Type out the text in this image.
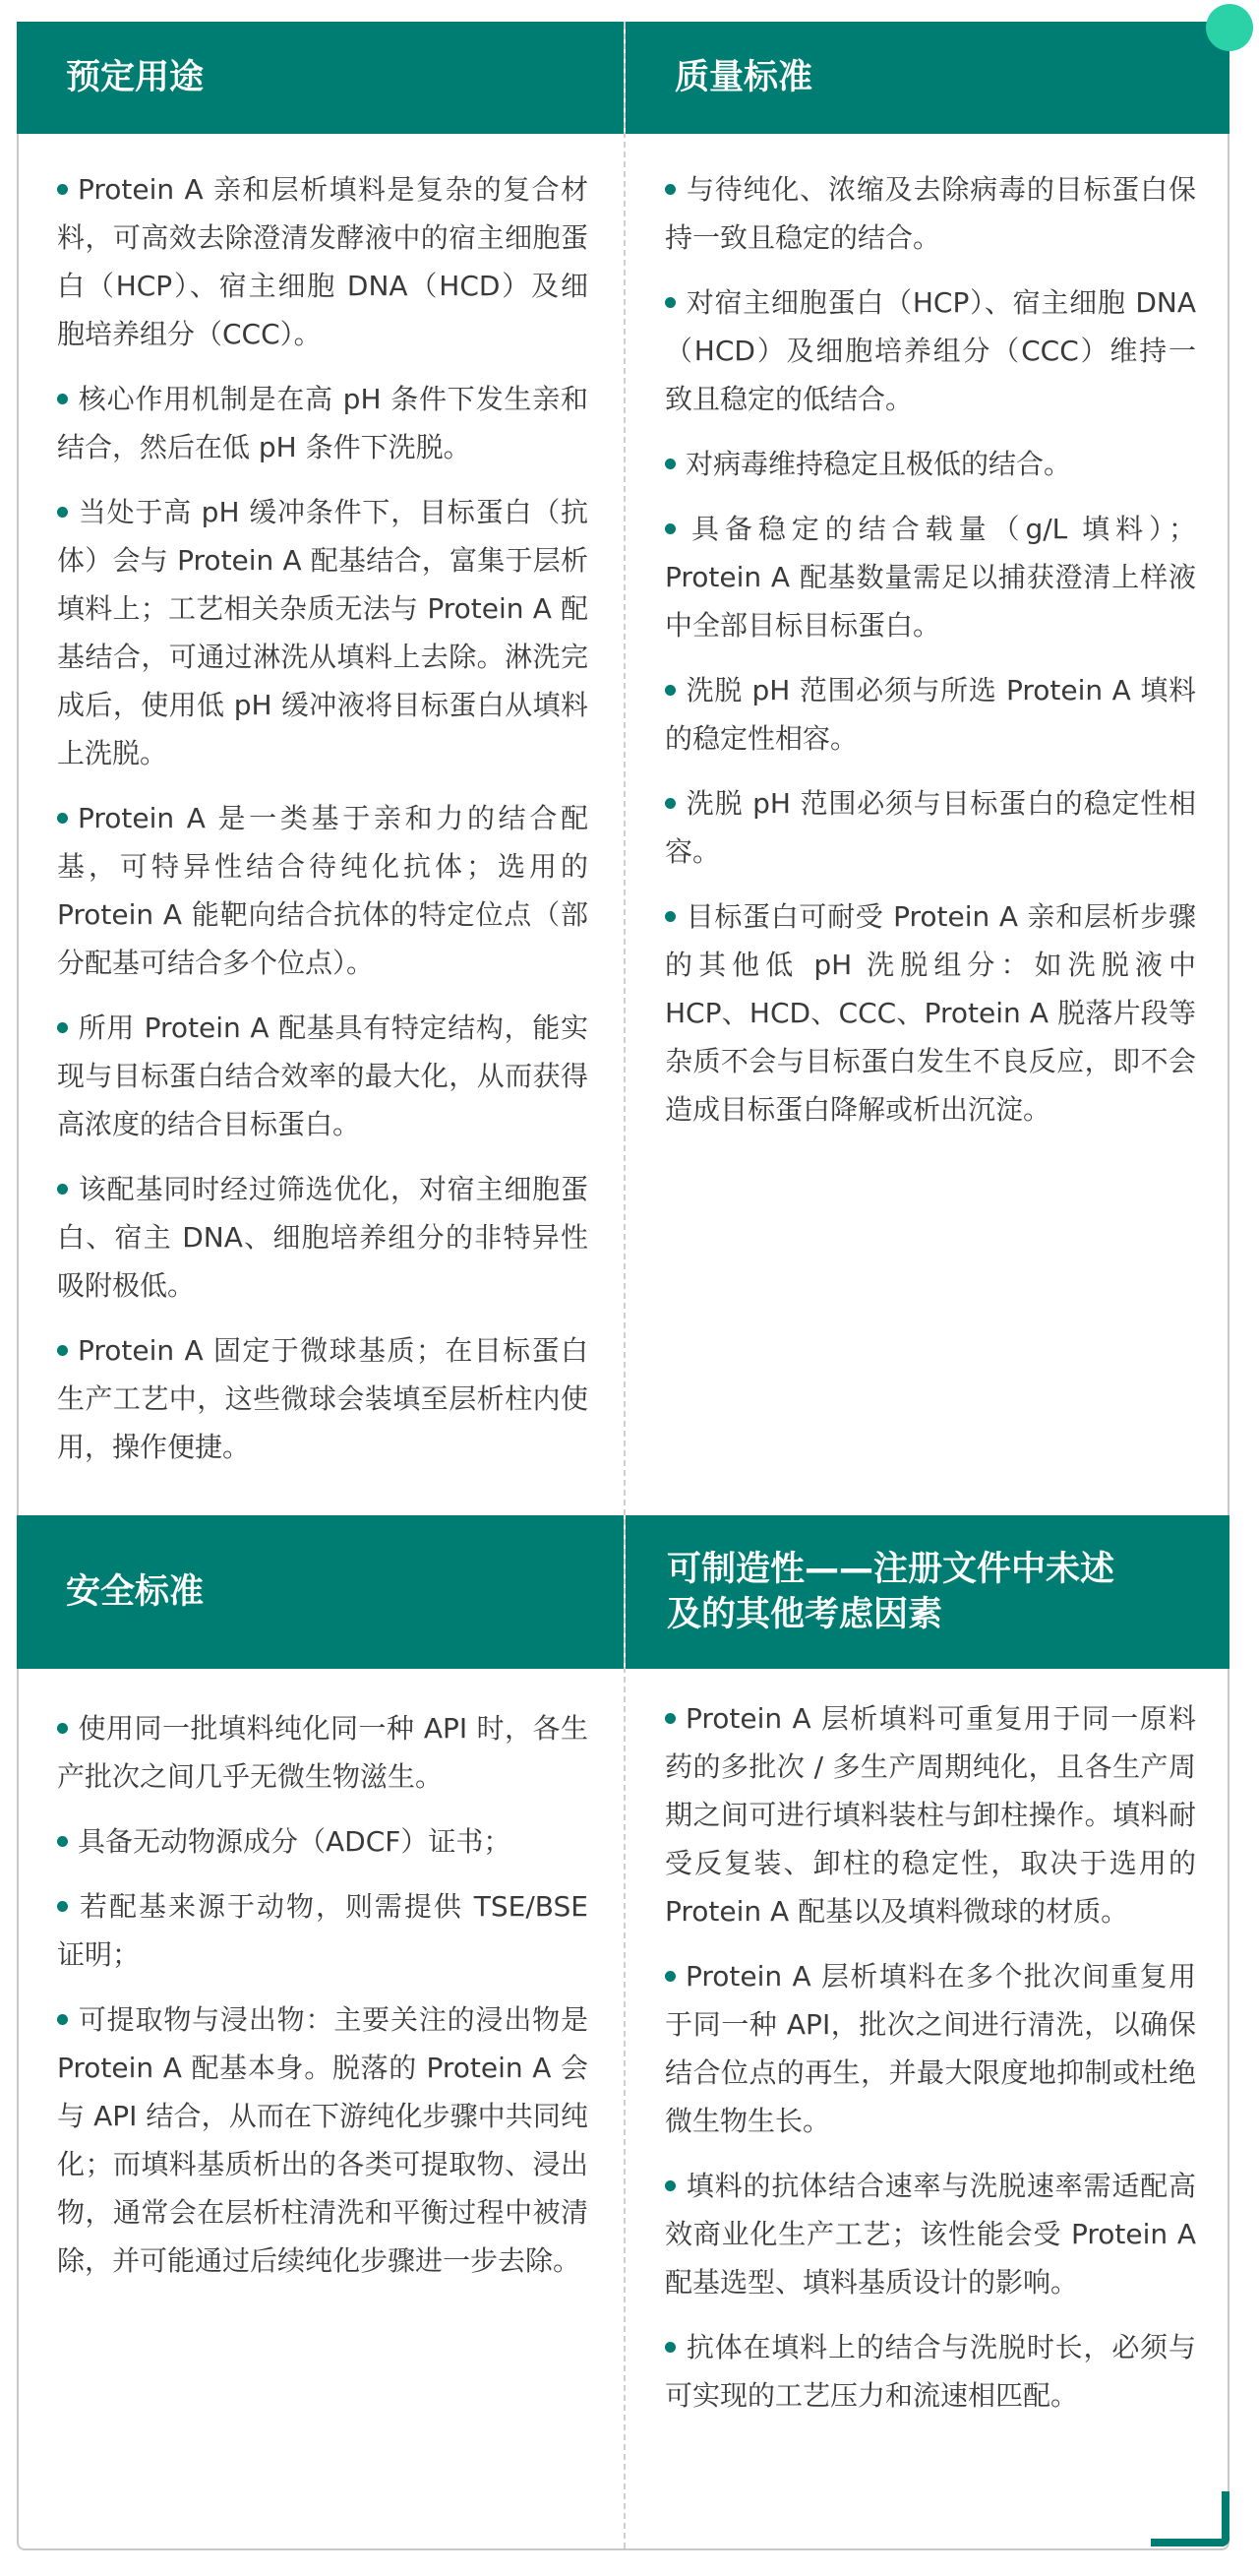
预定用途	质量标准
安全标准
可制造性——注册文件中未述
及的其他考虑因素
Protein A 亲和层析填料是复杂的复合材料，可高效去除澄清发酵液中的宿主细胞蛋白（HCP）、宿主细胞 DNA（HCD）及细胞培养组分（CCC）。
核心作用机制是在高 pH 条件下发生亲和结合，然后在低 pH 条件下洗脱。
当处于高 pH 缓冲条件下，目标蛋白（抗体）会与 Protein A 配基结合，富集于层析填料上；工艺相关杂质无法与 Protein A 配基结合，可通过淋洗从填料上去除。淋洗完成后，使用低 pH 缓冲液将目标蛋白从填料上洗脱。
Protein A 是一类基于亲和力的结合配基，可特异性结合待纯化抗体；选用的 Protein A 能靶向结合抗体的特定位点（部分配基可结合多个位点）。
所用 Protein A 配基具有特定结构，能实现与目标蛋白结合效率的最大化，从而获得高浓度的结合目标蛋白。
该配基同时经过筛选优化，对宿主细胞蛋白、宿主 DNA、细胞培养组分的非特异性吸附极低。
Protein A 固定于微球基质；在目标蛋白生产工艺中，这些微球会装填至层析柱内使用，操作便捷。
与待纯化、浓缩及去除病毒的目标蛋白保持一致且稳定的结合。
对宿主细胞蛋白（HCP）、宿主细胞 DNA（HCD）及细胞培养组分（CCC）维持一致且稳定的低结合。
对病毒维持稳定且极低的结合。
具备稳定的结合载量（g/L 填料）；Protein A 配基数量需足以捕获澄清上样液中全部目标目标蛋白。
洗脱 pH 范围必须与所选 Protein A 填料的稳定性相容。
洗脱 pH 范围必须与目标蛋白的稳定性相容。
目标蛋白可耐受 Protein A 亲和层析步骤的其他低 pH 洗脱组分：如洗脱液中 HCP、HCD、CCC、Protein A 脱落片段等杂质不会与目标蛋白发生不良反应，即不会造成目标蛋白降解或析出沉淀。
使用同一批填料纯化同一种 API 时，各生产批次之间几乎无微生物滋生。
具备无动物源成分（ADCF）证书；
若配基来源于动物，则需提供 TSE/BSE 证明；
可提取物与浸出物：主要关注的浸出物是 Protein A 配基本身。脱落的 Protein A 会与 API 结合，从而在下游纯化步骤中共同纯化；而填料基质析出的各类可提取物、浸出物，通常会在层析柱清洗和平衡过程中被清除，并可能通过后续纯化步骤进一步去除。
Protein A 层析填料可重复用于同一原料药的多批次 / 多生产周期纯化，且各生产周期之间可进行填料装柱与卸柱操作。填料耐受反复装、卸柱的稳定性，取决于选用的 Protein A 配基以及填料微球的材质。
Protein A 层析填料在多个批次间重复用于同一种 API，批次之间进行清洗，以确保结合位点的再生，并最大限度地抑制或杜绝微生物生长。
填料的抗体结合速率与洗脱速率需适配高效商业化生产工艺；该性能会受 Protein A 配基选型、填料基质设计的影响。
抗体在填料上的结合与洗脱时长，必须与可实现的工艺压力和流速相匹配。
